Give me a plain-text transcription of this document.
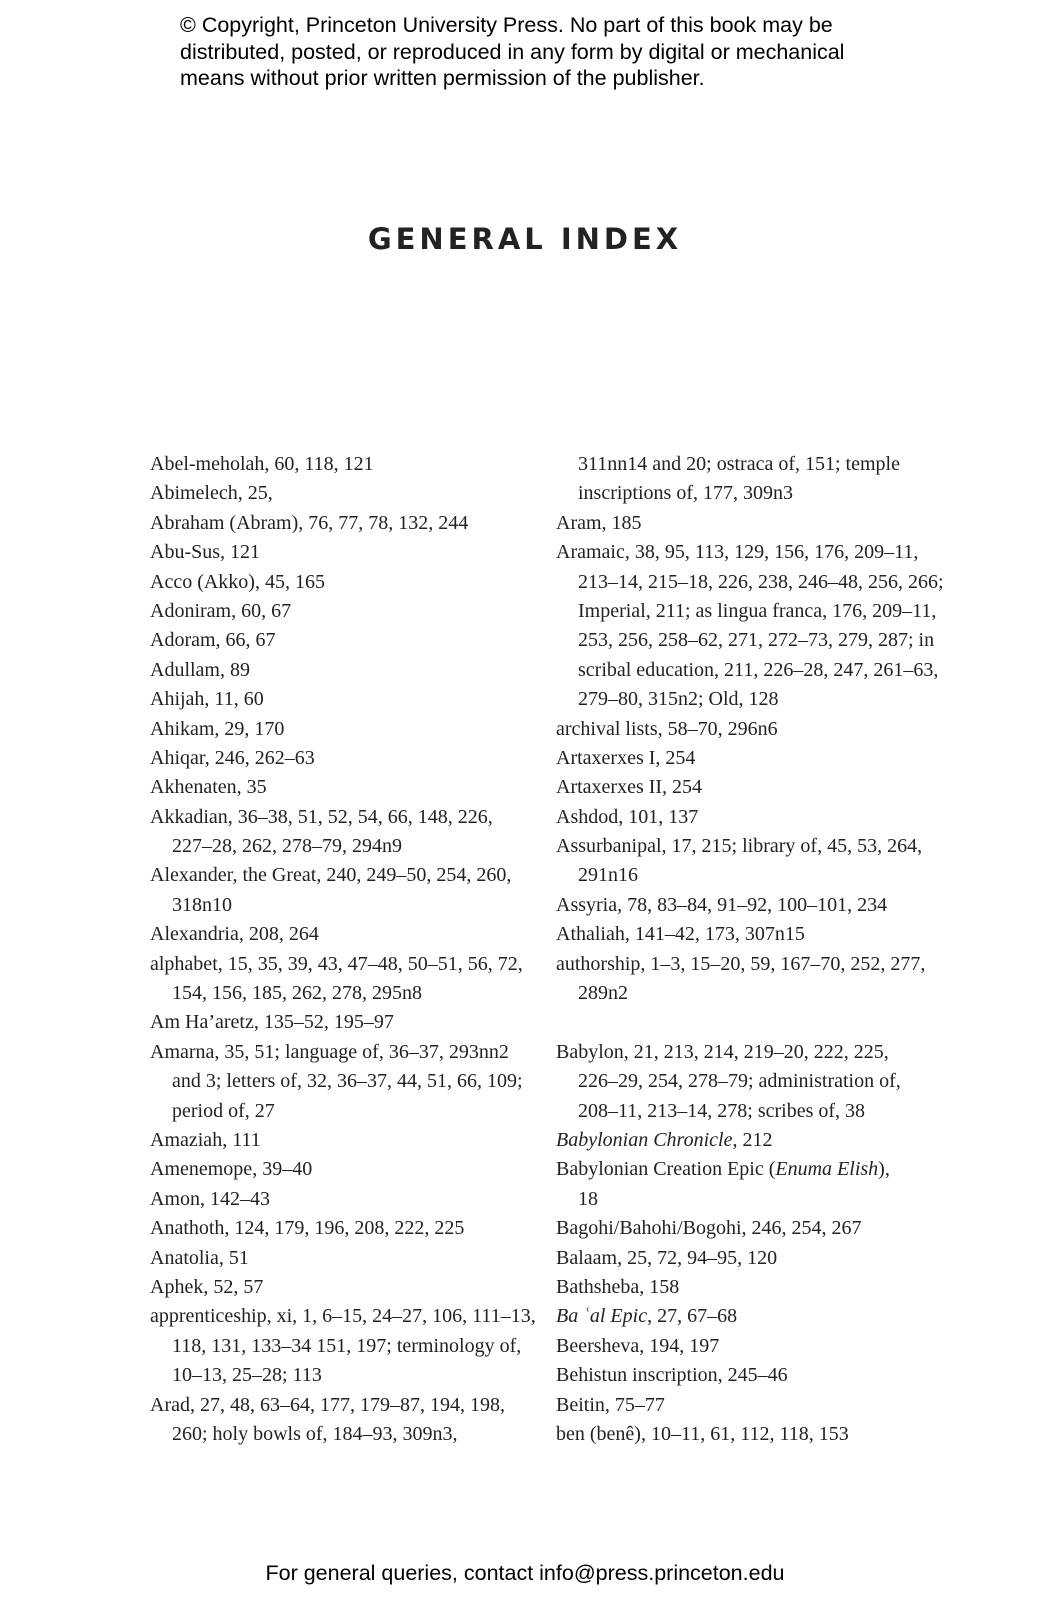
© Copyright, Princeton University Press. No part of this book may be
distributed, posted, or reproduced in any form by digital or mechanical
means without prior written permission of the publisher.
GENERAL INDEX
Abel-meholah, 60, 118, 121
Abimelech, 25,
Abraham (Abram), 76, 77, 78, 132, 244
Abu-Sus, 121
Acco (Akko), 45, 165
Adoniram, 60, 67
Adoram, 66, 67
Adullam, 89
Ahijah, 11, 60
Ahikam, 29, 170
Ahiqar, 246, 262–63
Akhenaten, 35
Akkadian, 36–38, 51, 52, 54, 66, 148, 226,
227–28, 262, 278–79, 294n9
Alexander, the Great, 240, 249–50, 254, 260,
318n10
Alexandria, 208, 264
alphabet, 15, 35, 39, 43, 47–48, 50–51, 56, 72,
154, 156, 185, 262, 278, 295n8
Am Ha’aretz, 135–52, 195–97
Amarna, 35, 51; language of, 36–37, 293nn2
and 3; letters of, 32, 36–37, 44, 51, 66, 109;
period of, 27
Amaziah, 111
Amenemope, 39–40
Amon, 142–43
Anathoth, 124, 179, 196, 208, 222, 225
Anatolia, 51
Aphek, 52, 57
apprenticeship, xi, 1, 6–15, 24–27, 106, 111–13,
118, 131, 133–34 151, 197; terminology of,
10–13, 25–28; 113
Arad, 27, 48, 63–64, 177, 179–87, 194, 198,
260; holy bowls of, 184–93, 309n3,
311nn14 and 20; ostraca of, 151; temple
inscriptions of, 177, 309n3
Aram, 185
Aramaic, 38, 95, 113, 129, 156, 176, 209–11,
213–14, 215–18, 226, 238, 246–48, 256, 266;
Imperial, 211; as lingua franca, 176, 209–11,
253, 256, 258–62, 271, 272–73, 279, 287; in
scribal education, 211, 226–28, 247, 261–63,
279–80, 315n2; Old, 128
archival lists, 58–70, 296n6
Artaxerxes I, 254
Artaxerxes II, 254
Ashdod, 101, 137
Assurbanipal, 17, 215; library of, 45, 53, 264,
291n16
Assyria, 78, 83–84, 91–92, 100–101, 234
Athaliah, 141–42, 173, 307n15
authorship, 1–3, 15–20, 59, 167–70, 252, 277,
289n2
Babylon, 21, 213, 214, 219–20, 222, 225,
226–29, 254, 278–79; administration of,
208–11, 213–14, 278; scribes of, 38
Babylonian Chronicle, 212
Babylonian Creation Epic (Enuma Elish),
18
Bagohi/Bahohi/Bogohi, 246, 254, 267
Balaam, 25, 72, 94–95, 120
Bathsheba, 158
Ba ʿal Epic, 27, 67–68
Beersheva, 194, 197
Behistun inscription, 245–46
Beitin, 75–77
ben (benê), 10–11, 61, 112, 118, 153
For general queries, contact info@press.princeton.edu
